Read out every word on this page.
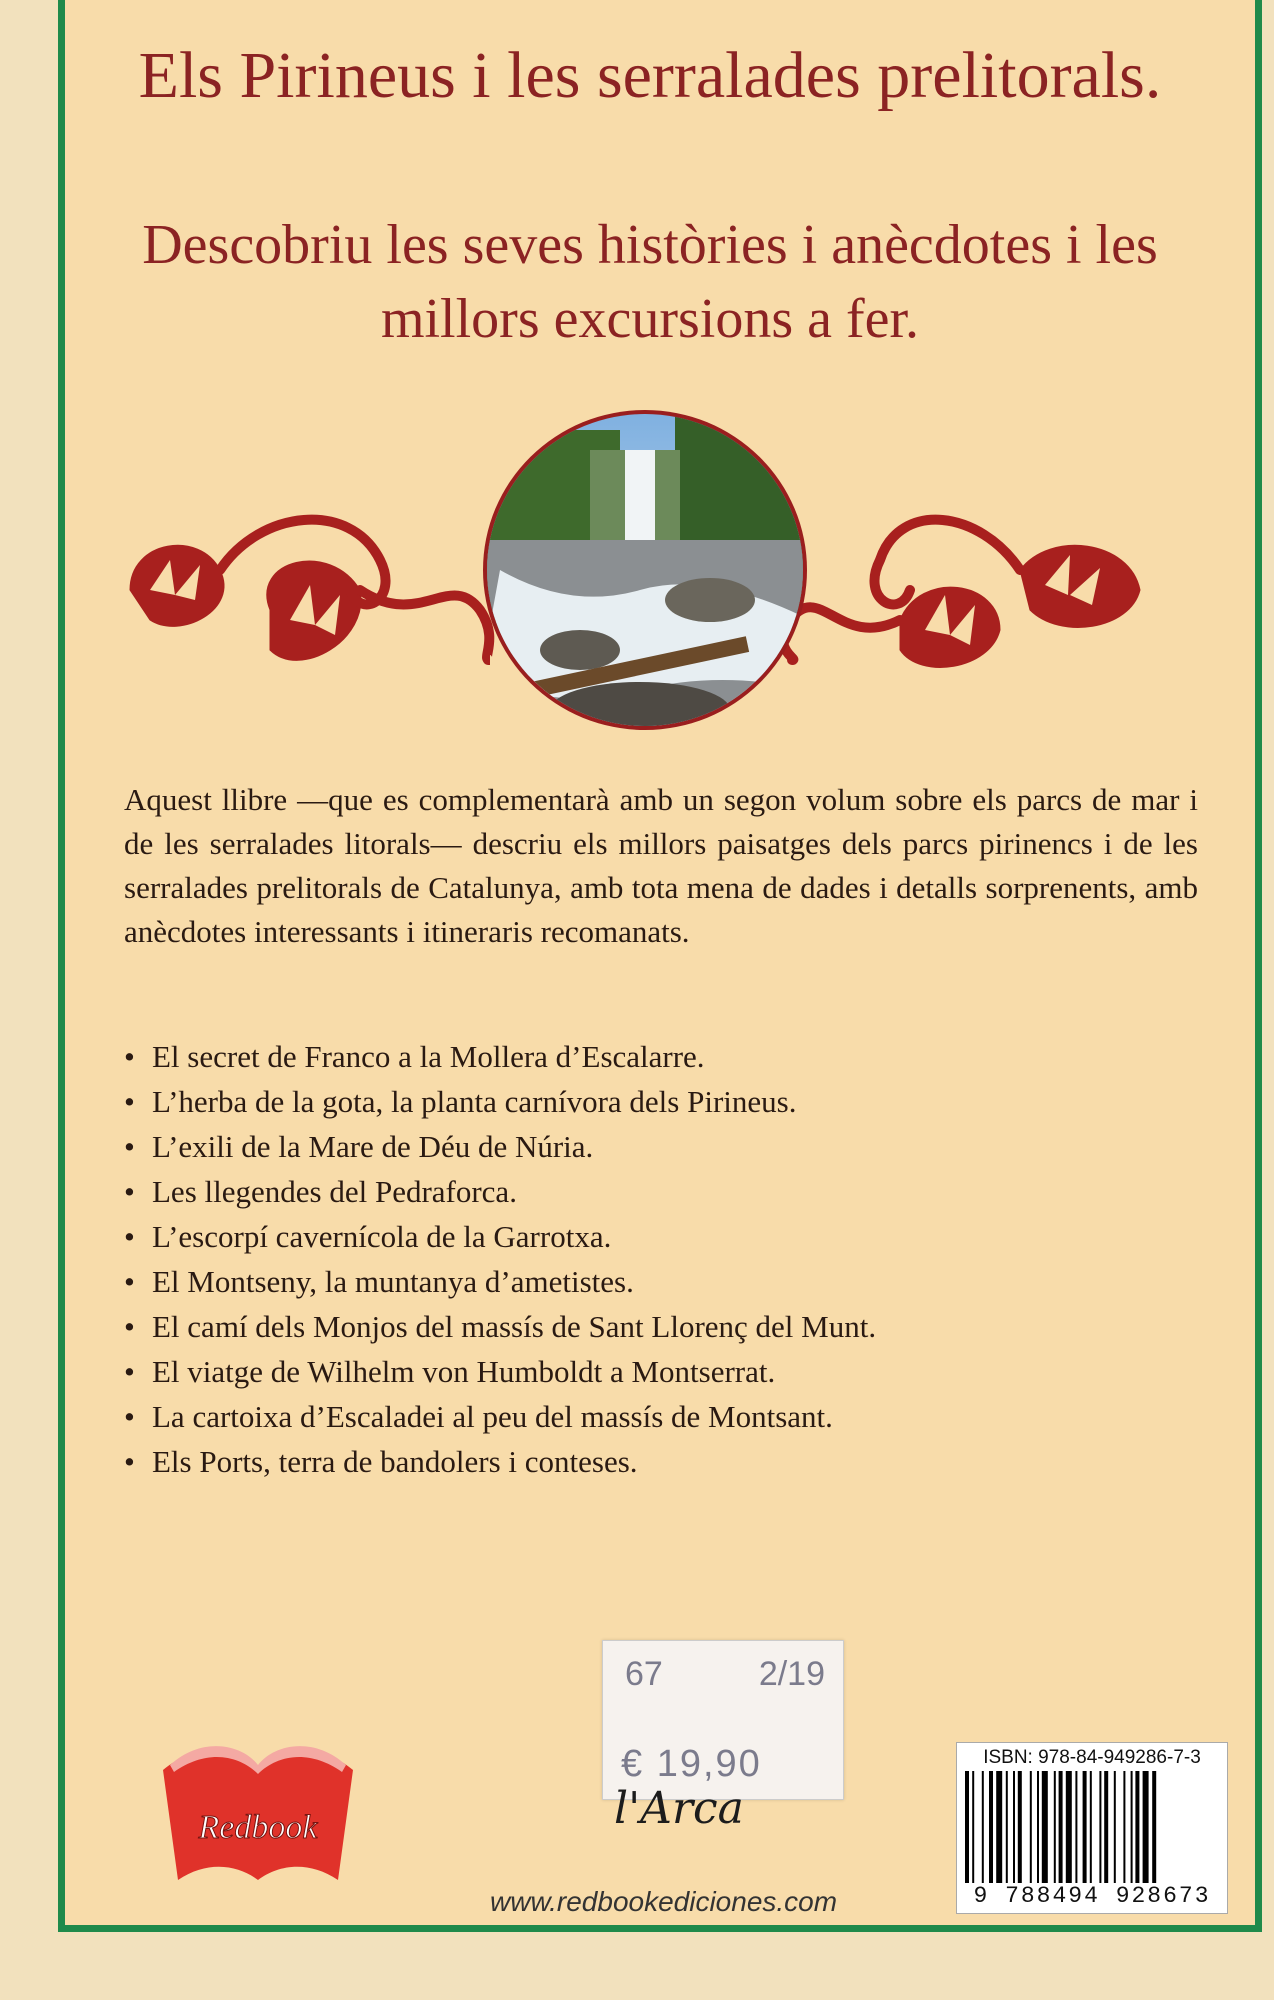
Els Pirineus i les serralades prelitorals.
Descobriu les seves històries i anècdotes i les millors excursions a fer.

Aquest llibre —que es complementarà amb un segon volum sobre els parcs de mar i de les serralades litorals— descriu els millors paisatges dels parcs pirinencs i de les serralades prelitorals de Catalunya, amb tota mena de dades i detalls sorprenents, amb anècdotes interessants i itineraris recomanats.

• El secret de Franco a la Mollera d’Escalarre.
• L’herba de la gota, la planta carnívora dels Pirineus.
• L’exili de la Mare de Déu de Núria.
• Les llegendes del Pedraforca.
• L’escorpí cavernícola de la Garrotxa.
• El Montseny, la muntanya d’ametistes.
• El camí dels Monjos del massís de Sant Llorenç del Munt.
• El viatge de Wilhelm von Humboldt a Montserrat.
• La cartoixa d’Escaladei al peu del massís de Montsant.
• Els Ports, terra de bandolers i conteses.
Redbook
67	2/19
€ 19,90
l'Arca
www.redbookediciones.com
ISBN: 978-84-949286-7-3
9 788494 928673
